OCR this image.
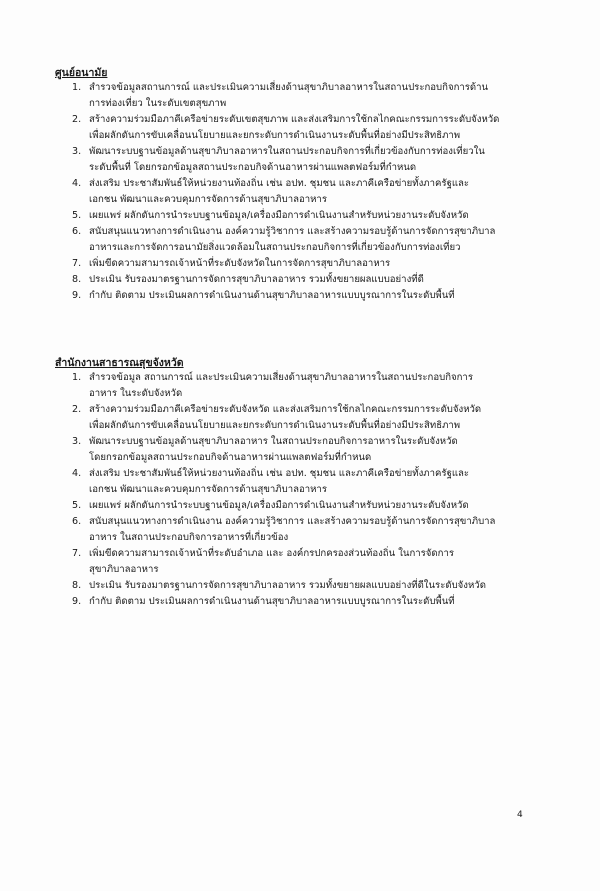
ศูนย์อนามัย

1. สำรวจข้อมูลสถานการณ์ และประเมินความเสี่ยงด้านสุขาภิบาลอาหารในสถานประกอบกิจการด้าน
การท่องเที่ยว ในระดับเขตสุขภาพ
2. สร้างความร่วมมือภาคีเครือข่ายระดับเขตสุขภาพ และส่งเสริมการใช้กลไกคณะกรรมการระดับจังหวัด
เพื่อผลักดันการขับเคลื่อนนโยบายและยกระดับการดำเนินงานระดับพื้นที่อย่างมีประสิทธิภาพ
3. พัฒนาระบบฐานข้อมูลด้านสุขาภิบาลอาหารในสถานประกอบกิจการที่เกี่ยวข้องกับการท่องเที่ยวใน
ระดับพื้นที่ โดยกรอกข้อมูลสถานประกอบกิจด้านอาหารผ่านแพลตฟอร์มที่กำหนด
4. ส่งเสริม ประชาสัมพันธ์ให้หน่วยงานท้องถิ่น เช่น อปท. ชุมชน และภาคีเครือข่ายทั้งภาครัฐและ
เอกชน พัฒนาและควบคุมการจัดการด้านสุขาภิบาลอาหาร
5. เผยแพร่ ผลักดันการนำระบบฐานข้อมูล/เครื่องมือการดำเนินงานสำหรับหน่วยงานระดับจังหวัด
6. สนับสนุนแนวทางการดำเนินงาน องค์ความรู้วิชาการ และสร้างความรอบรู้ด้านการจัดการสุขาภิบาล
อาหารและการจัดการอนามัยสิ่งแวดล้อมในสถานประกอบกิจการที่เกี่ยวข้องกับการท่องเที่ยว
7. เพิ่มขีดความสามารถเจ้าหน้าที่ระดับจังหวัดในการจัดการสุขาภิบาลอาหาร
8. ประเมิน รับรองมาตรฐานการจัดการสุขาภิบาลอาหาร รวมทั้งขยายผลแบบอย่างที่ดี
9. กำกับ ติดตาม ประเมินผลการดำเนินงานด้านสุขาภิบาลอาหารแบบบูรณาการในระดับพื้นที่

สำนักงานสาธารณสุขจังหวัด

1. สำรวจข้อมูล สถานการณ์ และประเมินความเสี่ยงด้านสุขาภิบาลอาหารในสถานประกอบกิจการ
อาหาร ในระดับจังหวัด
2. สร้างความร่วมมือภาคีเครือข่ายระดับจังหวัด และส่งเสริมการใช้กลไกคณะกรรมการระดับจังหวัด
เพื่อผลักดันการขับเคลื่อนนโยบายและยกระดับการดำเนินงานระดับพื้นที่อย่างมีประสิทธิภาพ
3. พัฒนาระบบฐานข้อมูลด้านสุขาภิบาลอาหาร ในสถานประกอบกิจการอาหารในระดับจังหวัด
โดยกรอกข้อมูลสถานประกอบกิจด้านอาหารผ่านแพลตฟอร์มที่กำหนด
4. ส่งเสริม ประชาสัมพันธ์ให้หน่วยงานท้องถิ่น เช่น อปท. ชุมชน และภาคีเครือข่ายทั้งภาครัฐและ
เอกชน พัฒนาและควบคุมการจัดการด้านสุขาภิบาลอาหาร
5. เผยแพร่ ผลักดันการนำระบบฐานข้อมูล/เครื่องมือการดำเนินงานสำหรับหน่วยงานระดับจังหวัด
6. สนับสนุนแนวทางการดำเนินงาน องค์ความรู้วิชาการ และสร้างความรอบรู้ด้านการจัดการสุขาภิบาล
อาหาร ในสถานประกอบกิจการอาหารที่เกี่ยวข้อง
7. เพิ่มขีดความสามารถเจ้าหน้าที่ระดับอำเภอ และ องค์กรปกครองส่วนท้องถิ่น ในการจัดการ
สุขาภิบาลอาหาร
8. ประเมิน รับรองมาตรฐานการจัดการสุขาภิบาลอาหาร รวมทั้งขยายผลแบบอย่างที่ดีในระดับจังหวัด
9. กำกับ ติดตาม ประเมินผลการดำเนินงานด้านสุขาภิบาลอาหารแบบบูรณาการในระดับพื้นที่
4
